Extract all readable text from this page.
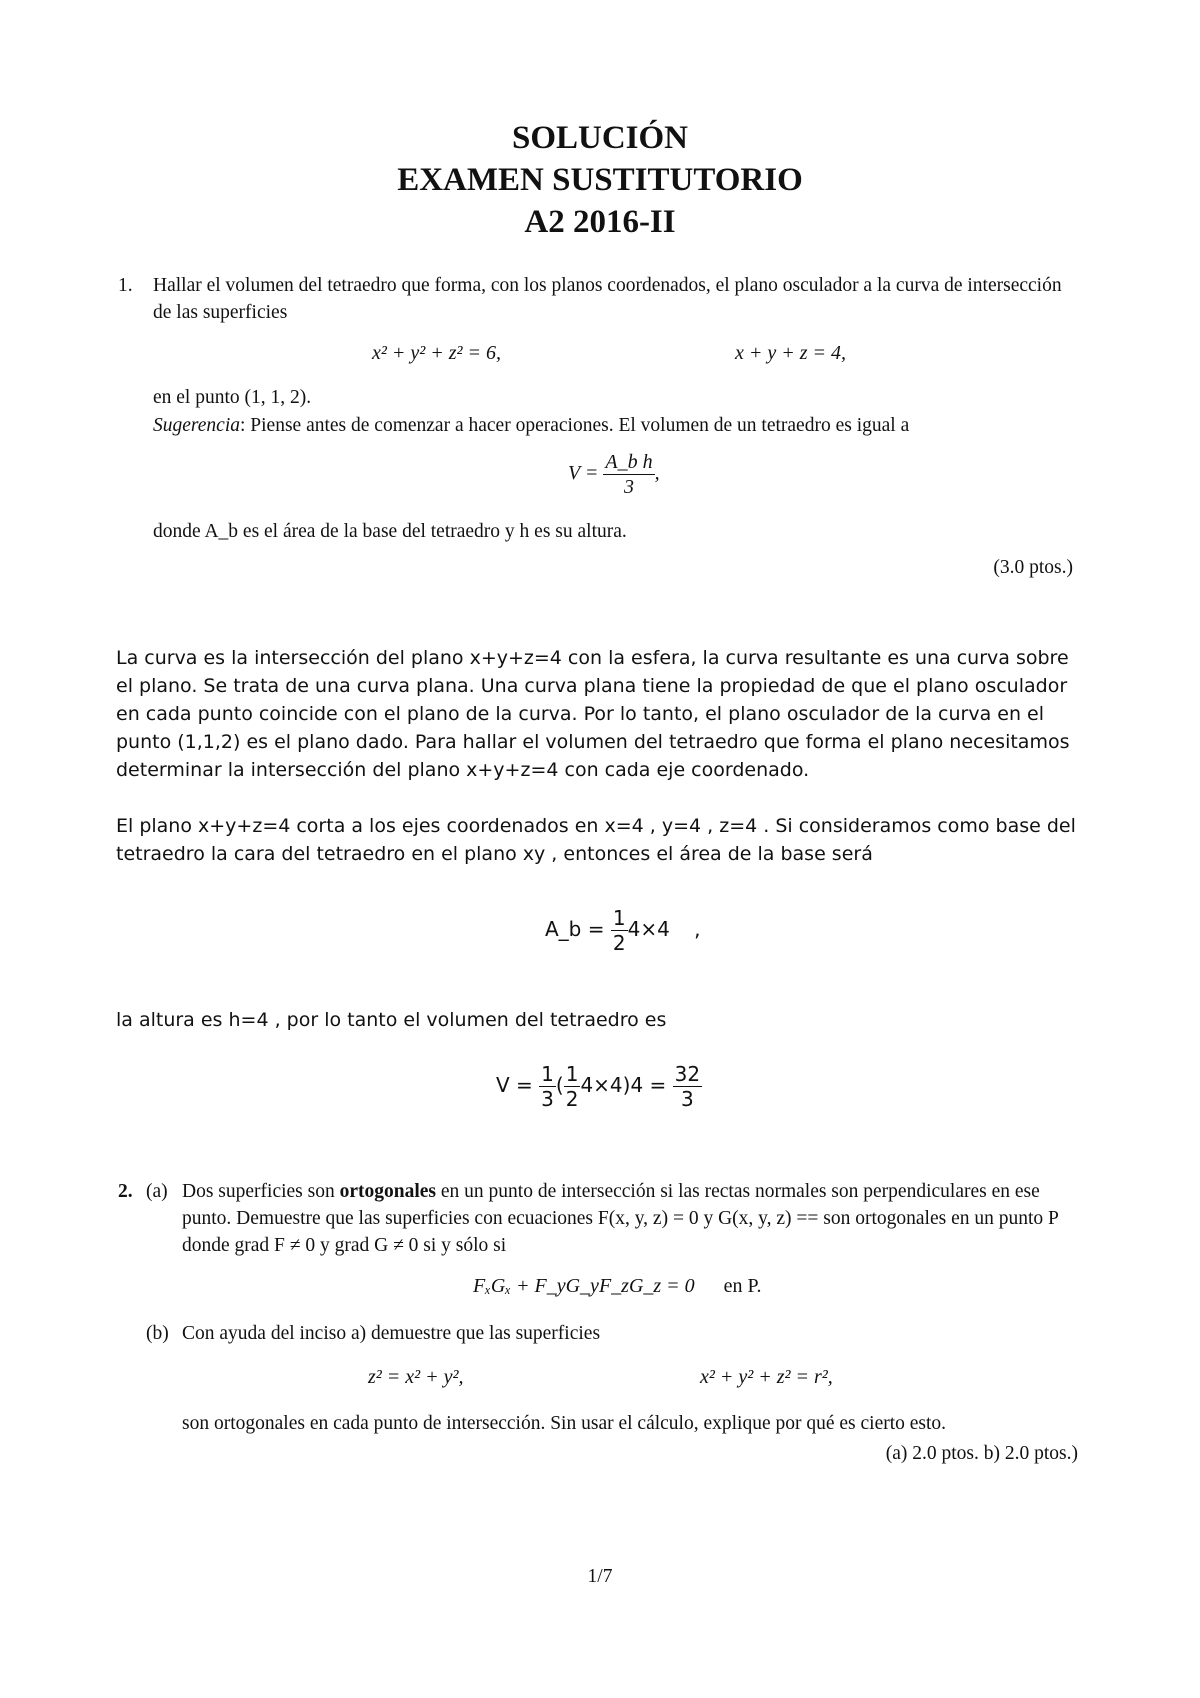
SOLUCIÓN
EXAMEN SUSTITUTORIO
A2 2016-II
1. Hallar el volumen del tetraedro que forma, con los planos coordenados, el plano osculador a la curva de intersección de las superficies
x² + y² + z² = 6,	x + y + z = 4,
en el punto (1, 1, 2).
Sugerencia: Piense antes de comenzar a hacer operaciones. El volumen de un tetraedro es igual a
$V = \frac{\text{A\_b h}}{3}$ ,
donde A_b es el área de la base del tetraedro y h es su altura.
(3.0 ptos.)
La curva es la intersección del plano x+y+z=4 con la esfera, la curva resultante es una curva sobre el plano. Se trata de una curva plana. Una curva plana tiene la propiedad de que el plano osculador en cada punto coincide con el plano de la curva. Por lo tanto, el plano osculador de la curva en el punto (1,1,2) es el plano dado. Para hallar el volumen del tetraedro que forma el plano necesitamos determinar la intersección del plano x+y+z=4 con cada eje coordenado.
El plano x+y+z=4 corta a los ejes coordenados en x=4 , y=4 , z=4 . Si consideramos como base del tetraedro la cara del tetraedro en el plano xy , entonces el área de la base será
A_b = $\frac{1}{2} 4\times 4$ ,
la altura es h=4 , por lo tanto el volumen del tetraedro es
$V = \frac{1}{3}$ ( $\frac{1}{2} 4\times 4)4 = \frac{32}{3}$
2. (a) Dos superficies son ortogonales en un punto de intersección si las rectas normales son perpendiculares en ese punto. Demuestre que las superficies con ecuaciones F(x, y, z) = 0 y G(x, y, z) == son ortogonales en un punto P donde grad F ≠ 0 y grad G ≠ 0 si y sólo si
FₓGₓ + F_yG_yF_zG_z = 0 en P.
(b) Con ayuda del inciso a) demuestre que las superficies
z² = x² + y²,	x² + y² + z² = r²,
son ortogonales en cada punto de intersección. Sin usar el cálculo, explique por qué es cierto esto.
(a) 2.0 ptos. b) 2.0 ptos.)
1/7
